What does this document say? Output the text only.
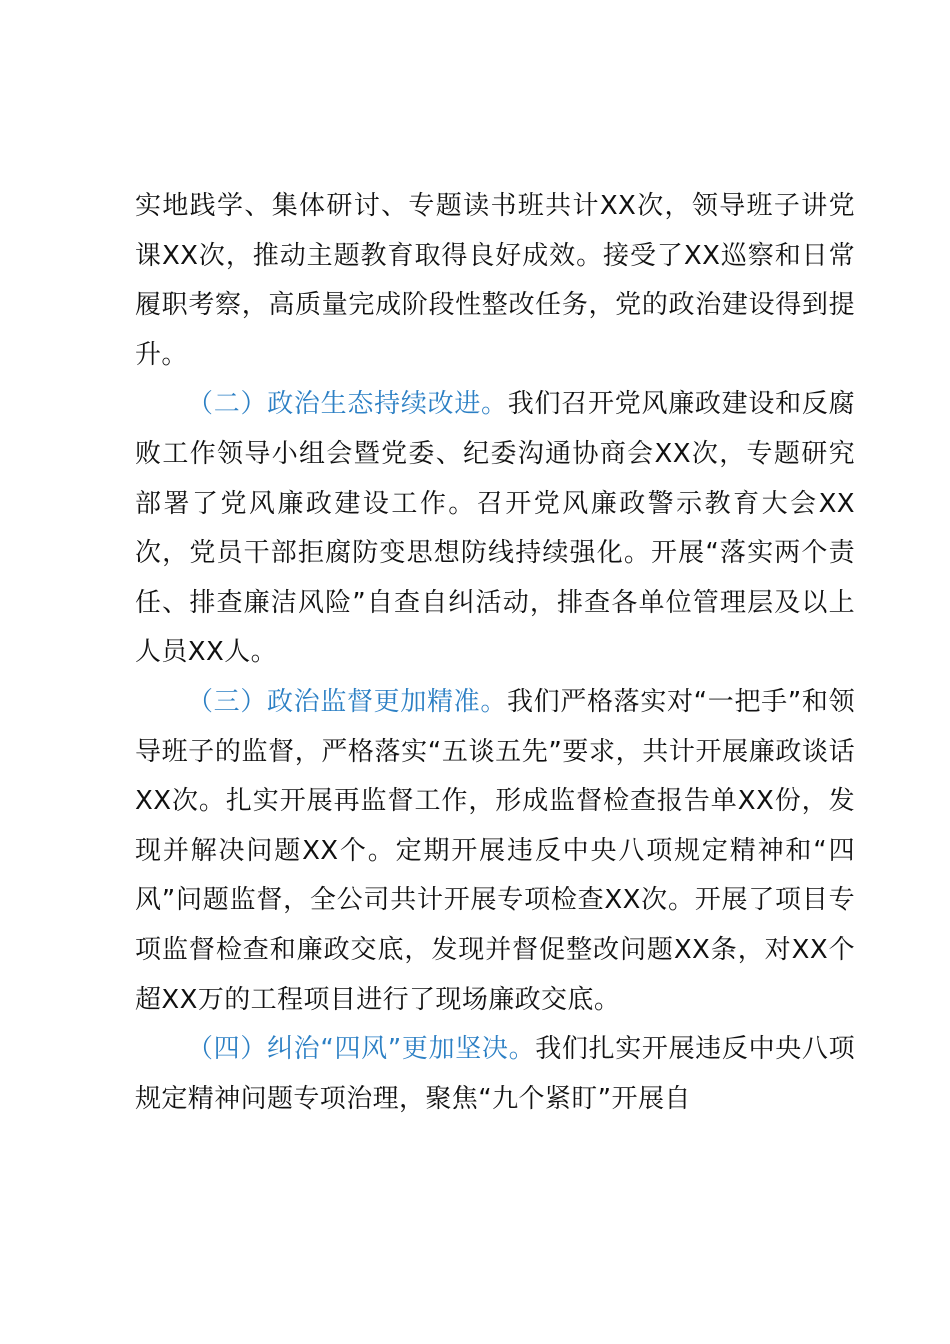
实地践学、集体研讨、专题读书班共计XX次，领导班子讲党课XX次，推动主题教育取得良好成效。接受了XX巡察和日常履职考察，高质量完成阶段性整改任务，党的政治建设得到提升。

（二）政治生态持续改进。我们召开党风廉政建设和反腐败工作领导小组会暨党委、纪委沟通协商会XX次，专题研究部署了党风廉政建设工作。召开党风廉政警示教育大会XX次，党员干部拒腐防变思想防线持续强化。开展“落实两个责任、排查廉洁风险”自查自纠活动，排查各单位管理层及以上人员XX人。

（三）政治监督更加精准。我们严格落实对“一把手”和领导班子的监督，严格落实“五谈五先”要求，共计开展廉政谈话XX次。扎实开展再监督工作，形成监督检查报告单XX份，发现并解决问题XX个。定期开展违反中央八项规定精神和“四风”问题监督，全公司共计开展专项检查XX次。开展了项目专项监督检查和廉政交底，发现并督促整改问题XX条，对XX个超XX万的工程项目进行了现场廉政交底。

（四）纠治“四风”更加坚决。我们扎实开展违反中央八项规定精神问题专项治理，聚焦“九个紧盯”开展自
